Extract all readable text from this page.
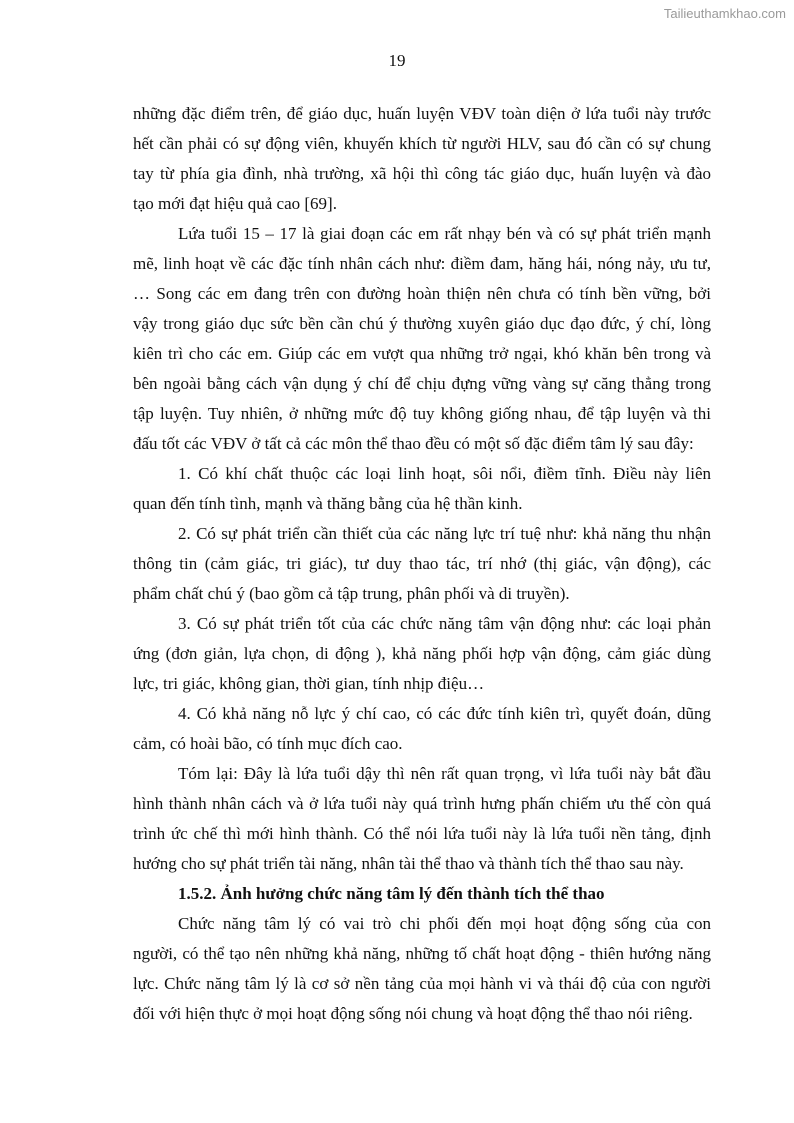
Tailieuthamkhao.com
19
những đặc điểm trên, để giáo dục, huấn luyện VĐV toàn diện ở lứa tuổi này trước
hết cần phải có sự động viên, khuyến khích từ người HLV, sau đó cần có sự chung
tay từ phía gia đình, nhà trường, xã hội thì công tác giáo dục, huấn luyện và đào
tạo mới đạt hiệu quả cao [69].
Lứa tuổi 15 – 17 là giai đoạn các em rất nhạy bén và có sự phát triển mạnh
mẽ, linh hoạt về các đặc tính nhân cách như: điềm đam, hăng hái, nóng nảy, ưu tư,
… Song các em đang trên con đường hoàn thiện nên chưa có tính bền vững, bởi
vậy trong giáo dục sức bền cần chú ý thường xuyên giáo dục đạo đức, ý chí, lòng
kiên trì cho các em. Giúp các em vượt qua những trở ngại, khó khăn bên trong và
bên ngoài bằng cách vận dụng ý chí để chịu đựng vững vàng sự căng thẳng trong
tập luyện. Tuy nhiên, ở những mức độ tuy không giống nhau, để tập luyện và thi
đấu tốt các VĐV ở tất cả các môn thể thao đều có một số đặc điểm tâm lý sau đây:
1. Có khí chất thuộc các loại linh hoạt, sôi nổi, điềm tĩnh. Điều này liên
quan đến tính tình, mạnh và thăng bằng của hệ thần kinh.
2. Có sự phát triển cần thiết của các năng lực trí tuệ như: khả năng thu nhận
thông tin (cảm giác, tri giác), tư duy thao tác, trí nhớ (thị giác, vận động), các
phẩm chất chú ý (bao gồm cả tập trung, phân phối và di truyền).
3. Có sự phát triển tốt của các chức năng tâm vận động như: các loại phản
ứng (đơn giản, lựa chọn, di động ), khả năng phối hợp vận động, cảm giác dùng
lực, tri giác, không gian, thời gian, tính nhịp điệu…
4. Có khả năng nỗ lực ý chí cao, có các đức tính kiên trì, quyết đoán, dũng
cảm, có hoài bão, có tính mục đích cao.
Tóm lại: Đây là lứa tuổi dậy thì nên rất quan trọng, vì lứa tuổi này bắt đầu
hình thành nhân cách và ở lứa tuổi này quá trình hưng phấn chiếm ưu thế còn quá
trình ức chế thì mới hình thành. Có thể nói lứa tuổi này là lứa tuổi nền tảng, định
hướng cho sự phát triển tài năng, nhân tài thể thao và thành tích thể thao sau này.
1.5.2. Ảnh hưởng chức năng tâm lý đến thành tích thể thao
Chức năng tâm lý có vai trò chi phối đến mọi hoạt động sống của con
người, có thể tạo nên những khả năng, những tố chất hoạt động - thiên hướng năng
lực. Chức năng tâm lý là cơ sở nền tảng của mọi hành vi và thái độ của con người
đối với hiện thực ở mọi hoạt động sống nói chung và hoạt động thể thao nói riêng.
